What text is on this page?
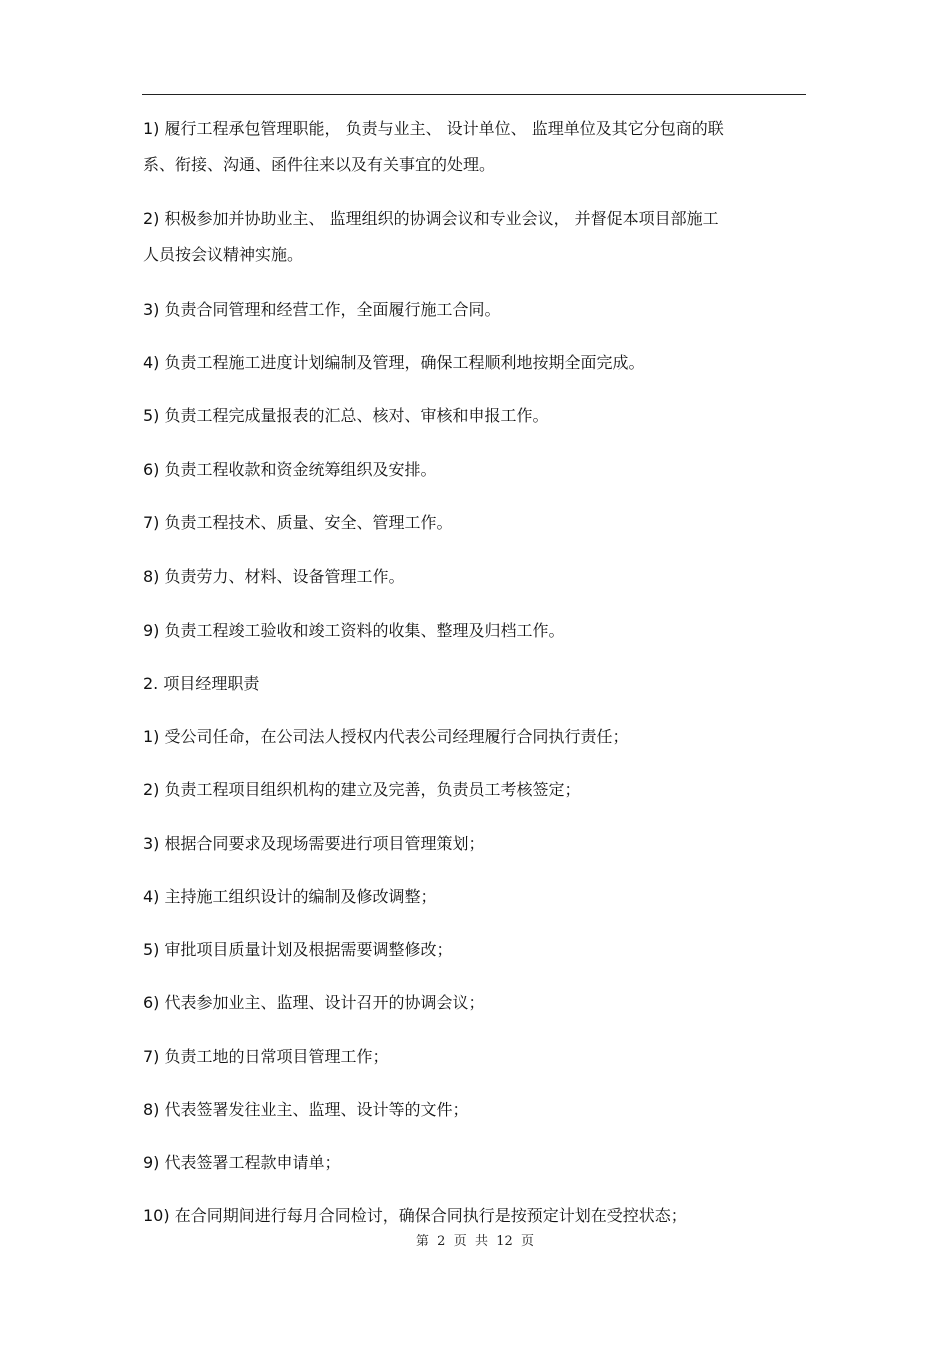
1) 履行工程承包管理职能， 负责与业主、 设计单位、 监理单位及其它分包商的联
系、衔接、沟通、函件往来以及有关事宜的处理。
2) 积极参加并协助业主、 监理组织的协调会议和专业会议， 并督促本项目部施工
人员按会议精神实施。
3) 负责合同管理和经营工作，全面履行施工合同。
4) 负责工程施工进度计划编制及管理，确保工程顺利地按期全面完成。
5) 负责工程完成量报表的汇总、核对、审核和申报工作。
6) 负责工程收款和资金统筹组织及安排。
7) 负责工程技术、质量、安全、管理工作。
8) 负责劳力、材料、设备管理工作。
9) 负责工程竣工验收和竣工资料的收集、整理及归档工作。
2. 项目经理职责
1) 受公司任命，在公司法人授权内代表公司经理履行合同执行责任；
2) 负责工程项目组织机构的建立及完善，负责员工考核签定；
3) 根据合同要求及现场需要进行项目管理策划；
4) 主持施工组织设计的编制及修改调整；
5) 审批项目质量计划及根据需要调整修改；
6) 代表参加业主、监理、设计召开的协调会议；
7) 负责工地的日常项目管理工作；
8) 代表签署发往业主、监理、设计等的文件；
9) 代表签署工程款申请单；
10) 在合同期间进行每月合同检讨，确保合同执行是按预定计划在受控状态；
第  2  页  共  12  页
